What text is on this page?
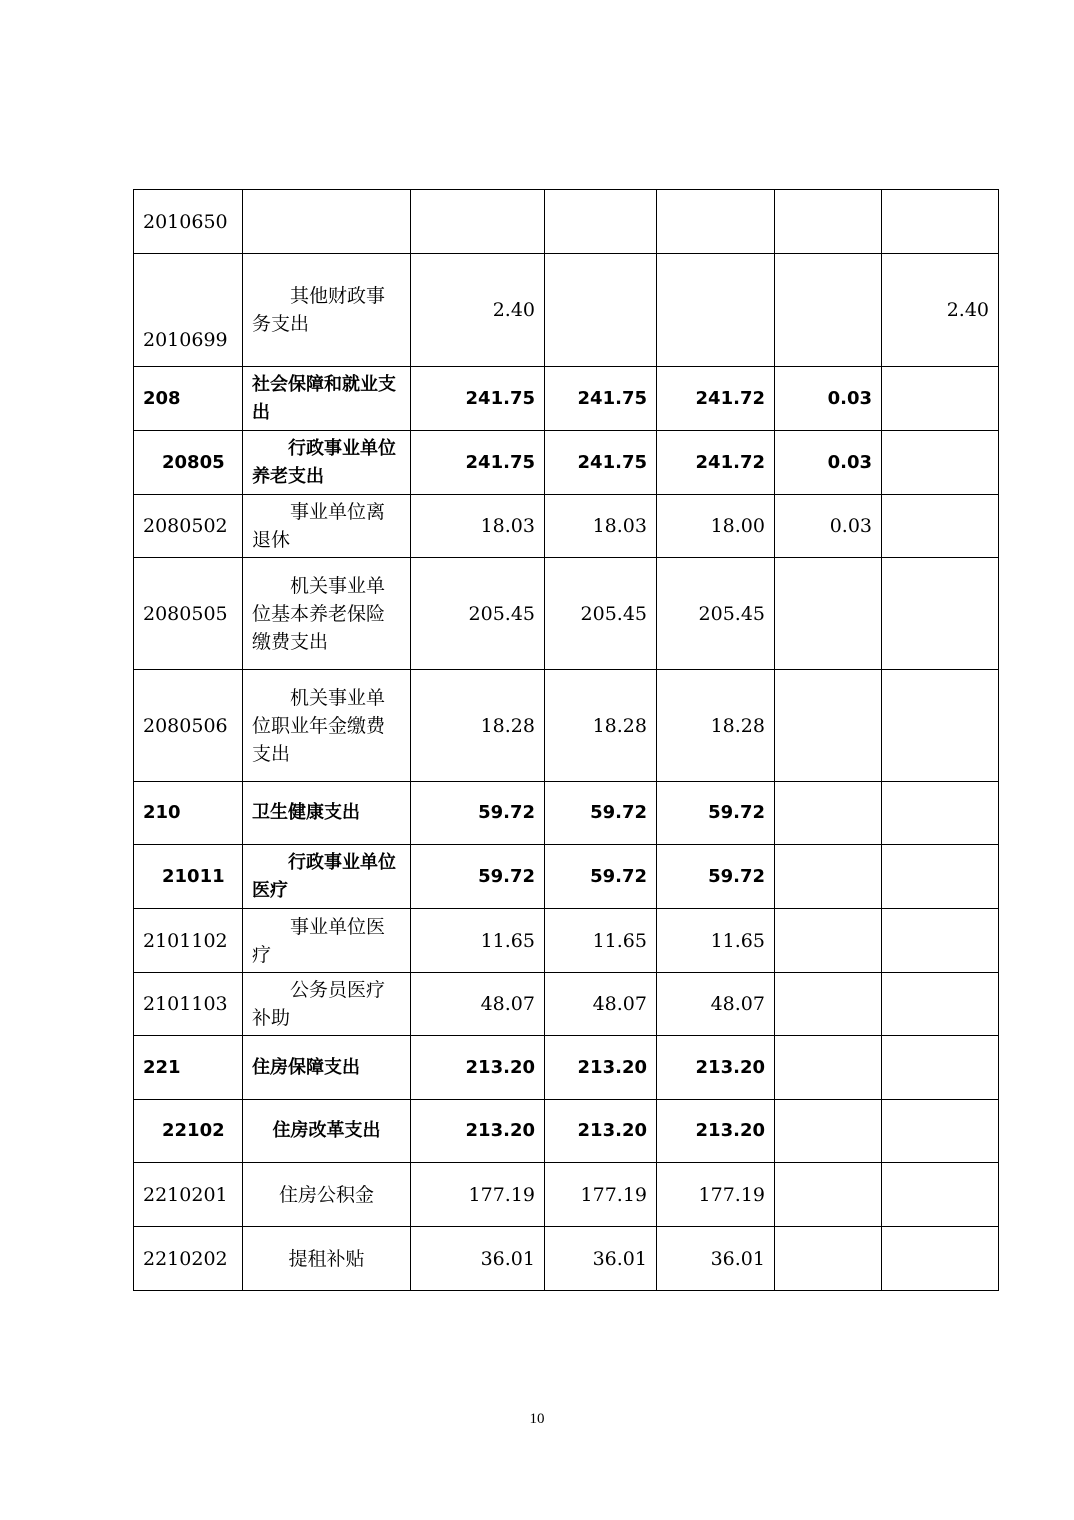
2010650						
2010699	其他财政事务支出	2.40				2.40
208	社会保障和就业支出	241.75	241.75	241.72	0.03	
20805	行政事业单位养老支出	241.75	241.75	241.72	0.03	
2080502	事业单位离退休	18.03	18.03	18.00	0.03	
2080505	机关事业单位基本养老保险缴费支出	205.45	205.45	205.45		
2080506	机关事业单位职业年金缴费支出	18.28	18.28	18.28		
210	卫生健康支出	59.72	59.72	59.72		
21011	行政事业单位医疗	59.72	59.72	59.72		
2101102	事业单位医疗	11.65	11.65	11.65		
2101103	公务员医疗补助	48.07	48.07	48.07		
221	住房保障支出	213.20	213.20	213.20		
22102	住房改革支出	213.20	213.20	213.20		
2210201	住房公积金	177.19	177.19	177.19		
2210202	提租补贴	36.01	36.01	36.01		
10
